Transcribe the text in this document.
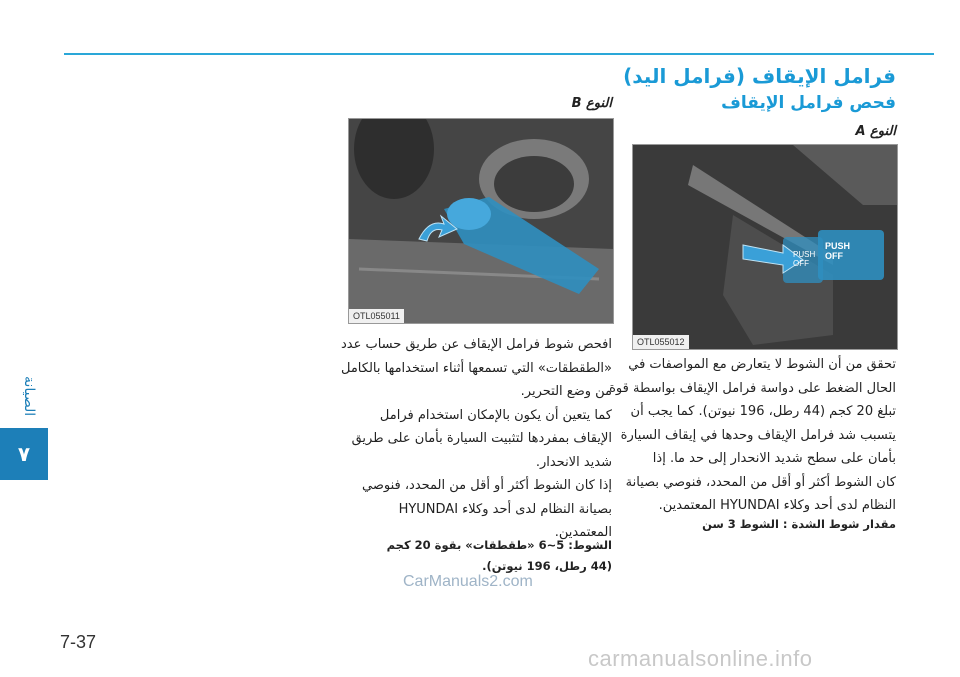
الصيانة
٧
فرامل الإيقاف (فرامل اليد)
فحص فرامل الإيقاف
النوع A
PUSH
OFF
PUSH
OFF
OTL055012
تحقق من أن الشوط لا يتعارض مع المواصفات في
الحال الضغط على دواسة فرامل الإيقاف بواسطة قوة
تبلغ 20 كجم (44 رطل، 196 نيوتن). كما يجب أن
يتسبب شد فرامل الإيقاف وحدها في إيقاف السيارة
بأمان على سطح شديد الانحدار إلى حد ما. إذا
كان الشوط أكثر أو أقل من المحدد، فنوصي بصيانة
النظام لدى أحد وكلاء HYUNDAI المعتمدين.
مقدار شوط الشدة : الشوط 3 سن
النوع B
OTL055011
افحص شوط فرامل الإيقاف عن طريق حساب عدد
«الطقطقات» التي تسمعها أثناء استخدامها بالكامل
من وضع التحرير.
كما يتعين أن يكون بالإمكان استخدام فرامل
الإيقاف بمفردها لتثبيت السيارة بأمان على طريق
شديد الانحدار.
إذا كان الشوط أكثر أو أقل من المحدد، فنوصي
بصيانة النظام لدى أحد وكلاء HYUNDAI
المعتمدين.
الشوط: 5~6 «طقطقات» بقوة 20 كجم
(44 رطل، 196 نيوتن).
CarManuals2.com
7-37
carmanualsonline.info
